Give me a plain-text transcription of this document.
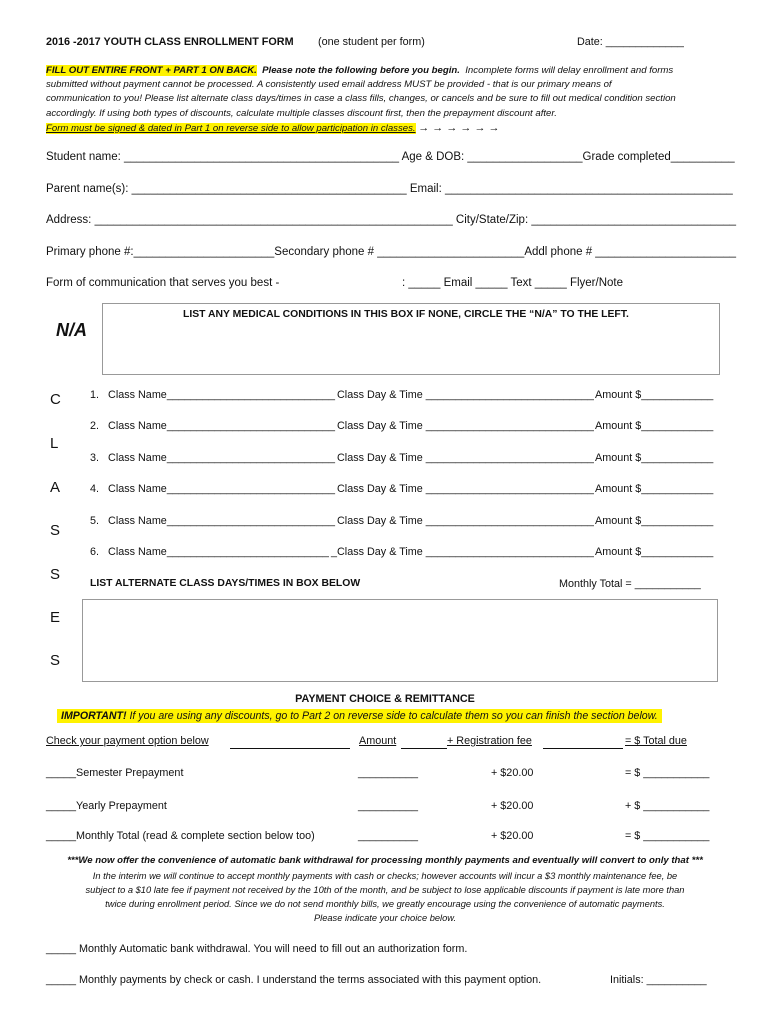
2016 -2017 YOUTH CLASS ENROLLMENT FORM (one student per form)	Date: _____________

FILL OUT ENTIRE FRONT + PART 1 ON BACK. Please note the following before you begin. Incomplete forms will delay enrollment and forms

submitted without payment cannot be processed. A consistently used email address MUST be provided - that is our primary means of

communication to you! Please list alternate class days/times in case a class fills, changes, or cancels and be sure to fill out medical condition section

accordingly. If using both types of discounts, calculate multiple classes discount first, then the prepayment discount after.

Form must be signed & dated in Part 1 on reverse side to allow participation in classes. → → → → → →

Student name: ___________________________________________ Age & DOB: __________________Grade completed__________
Parent name(s): ___________________________________________ Email: _____________________________________________
Address: ________________________________________________________ City/State/Zip: ________________________________
Primary phone #:______________________Secondary phone # _______________________Addl phone # ______________________
Form of communication that serves you best -	: _____ Email _____ Text _____ Flyer/Note
N/A
LIST ANY MEDICAL CONDITIONS IN THIS BOX IF NONE, CIRCLE THE “N/A” TO THE LEFT.
C
L
A
S
S
E
S
1. Class Name____________________________ Class Day & Time ____________________________ Amount $____________
2. Class Name____________________________ Class Day & Time ____________________________ Amount $____________
3. Class Name____________________________ Class Day & Time ____________________________ Amount $____________
4. Class Name____________________________ Class Day & Time ____________________________ Amount $____________
5. Class Name____________________________ Class Day & Time ____________________________ Amount $____________
6. Class Name___________________________ _Class Day & Time ____________________________ Amount $____________
LIST ALTERNATE CLASS DAYS/TIMES IN BOX BELOW	Monthly Total = ___________
PAYMENT CHOICE & REMITTANCE
IMPORTANT! If you are using any discounts, go to Part 2 on reverse side to calculate them so you can finish the section below.
Check your payment option below	Amount	+ Registration fee	= $ Total due
_____Semester Prepayment	__________	+ $20.00	= $ ___________
_____Yearly Prepayment	__________	+ $20.00	+ $ ___________
_____Monthly Total (read & complete section below too)	__________	+ $20.00	= $ ___________
***We now offer the convenience of automatic bank withdrawal for processing monthly payments and eventually will convert to only that ***
In the interim we will continue to accept monthly payments with cash or checks; however accounts will incur a $3 monthly maintenance fee, be
subject to a $10 late fee if payment not received by the 10th of the month, and be subject to lose applicable discounts if payment is late more than
twice during enrollment period. Since we do not send monthly bills, we greatly encourage using the convenience of automatic payments.
Please indicate your choice below.
_____ Monthly Automatic bank withdrawal. You will need to fill out an authorization form.
_____ Monthly payments by check or cash. I understand the terms associated with this payment option.	Initials: __________
